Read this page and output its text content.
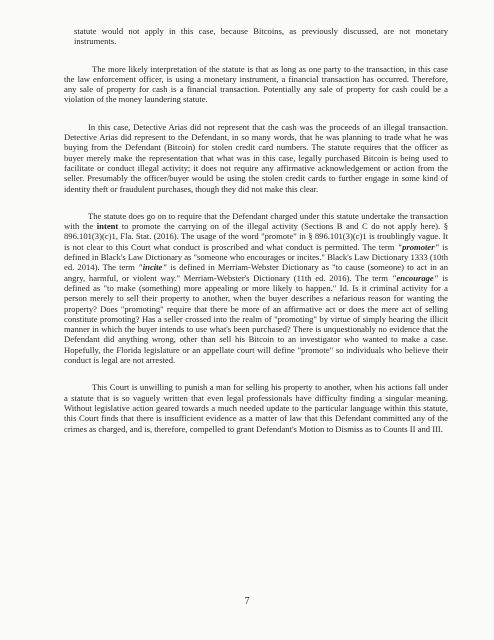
statute would not apply in this case, because Bitcoins, as previously discussed, are not monetary instruments.

The more likely interpretation of the statute is that as long as one party to the transaction, in this case the law enforcement officer, is using a monetary instrument, a financial transaction has occurred. Therefore, any sale of property for cash is a financial transaction. Potentially any sale of property for cash could be a violation of the money laundering statute.

In this case, Detective Arias did not represent that the cash was the proceeds of an illegal transaction. Detective Arias did represent to the Defendant, in so many words, that he was planning to trade what he was buying from the Defendant (Bitcoin) for stolen credit card numbers. The statute requires that the officer as buyer merely make the representation that what was in this case, legally purchased Bitcoin is being used to facilitate or conduct illegal activity; it does not require any affirmative acknowledgement or action from the seller. Presumably the officer/buyer would be using the stolen credit cards to further engage in some kind of identity theft or fraudulent purchases, though they did not make this clear.

The statute does go on to require that the Defendant charged under this statute undertake the transaction with the intent to promote the carrying on of the illegal activity (Sections B and C do not apply here). § 896.101(3)(c)1, Fla. Stat. (2016). The usage of the word "promote" in § 896.101(3)(c)1 is troublingly vague. It is not clear to this Court what conduct is proscribed and what conduct is permitted. The term "promoter" is defined in Black's Law Dictionary as "someone who encourages or incites." Black's Law Dictionary 1333 (10th ed. 2014). The term "incite" is defined in Merriam-Webster Dictionary as "to cause (someone) to act in an angry, harmful, or violent way." Merriam-Webster's Dictionary (11th ed. 2016). The term "encourage" is defined as "to make (something) more appealing or more likely to happen." Id. Is it criminal activity for a person merely to sell their property to another, when the buyer describes a nefarious reason for wanting the property? Does "promoting" require that there be more of an affirmative act or does the mere act of selling constitute promoting? Has a seller crossed into the realm of "promoting" by virtue of simply hearing the illicit manner in which the buyer intends to use what's been purchased? There is unquestionably no evidence that the Defendant did anything wrong, other than sell his Bitcoin to an investigator who wanted to make a case. Hopefully, the Florida legislature or an appellate court will define "promote" so individuals who believe their conduct is legal are not arrested.

This Court is unwilling to punish a man for selling his property to another, when his actions fall under a statute that is so vaguely written that even legal professionals have difficulty finding a singular meaning. Without legislative action geared towards a much needed update to the particular language within this statute, this Court finds that there is insufficient evidence as a matter of law that this Defendant committed any of the crimes as charged, and is, therefore, compelled to grant Defendant's Motion to Dismiss as to Counts II and III.

7
